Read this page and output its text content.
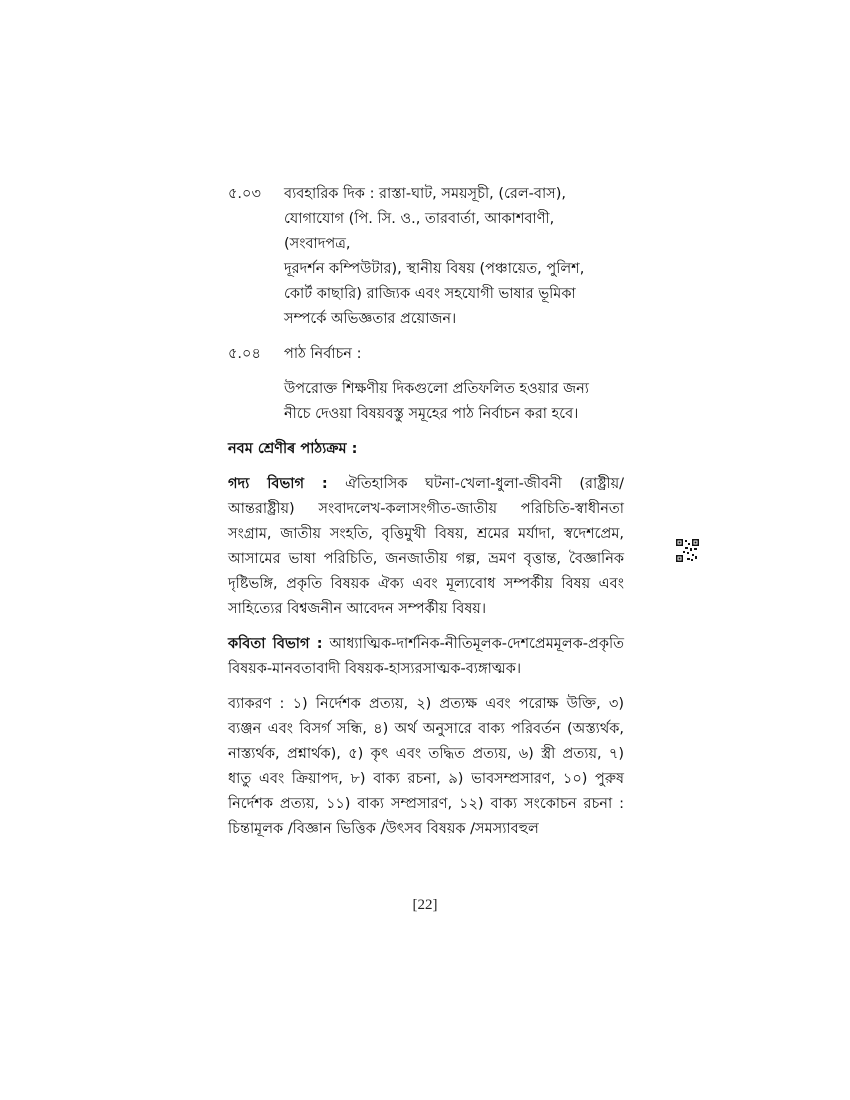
৫.০৩	ব্যবহারিক দিক : রাস্তা-ঘাট, সময়সূচী, (রেল-বাস),
যোগাযোগ (পি. সি. ও., তারবার্তা, আকাশবাণী, (সংবাদপত্র,
দূরদর্শন কম্পিউটার), স্থানীয় বিষয় (পঞ্চায়েত, পুলিশ,
কোর্ট কাছারি) রাজ্যিক এবং সহযোগী ভাষার ভূমিকা
সম্পর্কে অভিজ্ঞতার প্রয়োজন।
৫.০৪	পাঠ নির্বাচন :
উপরোক্ত শিক্ষণীয় দিকগুলো প্রতিফলিত হওয়ার জন্য
নীচে দেওয়া বিষয়বস্তু সমূহের পাঠ নির্বাচন করা হবে।
নবম শ্রেণীৰ পাঠ্যক্রম :

গদ্য বিভাগ : ঐতিহাসিক ঘটনা-খেলা-ধুলা-জীবনী (রাষ্ট্রীয়/আন্তরাষ্ট্রীয়) সংবাদলেখ-কলাসংগীত-জাতীয় পরিচিতি-স্বাধীনতা সংগ্রাম, জাতীয় সংহতি, বৃত্তিমুখী বিষয়, শ্রমের মর্যাদা, স্বদেশপ্রেম, আসামের ভাষা পরিচিতি, জনজাতীয় গল্প, ভ্রমণ বৃত্তান্ত, বৈজ্ঞানিক দৃষ্টিভঙ্গি, প্রকৃতি বিষয়ক ঐক্য এবং মূল্যবোধ সম্পর্কীয় বিষয় এবং সাহিত্যের বিশ্বজনীন আবেদন সম্পর্কীয় বিষয়।

কবিতা বিভাগ : আধ্যাত্মিক-দার্শনিক-নীতিমূলক-দেশপ্রেমমূলক-প্রকৃতি বিষয়ক-মানবতাবাদী বিষয়ক-হাস্যরসাত্মক-ব্যঙ্গাত্মক।

ব্যাকরণ : ১) নির্দেশক প্রত্যয়, ২) প্রত্যক্ষ এবং পরোক্ষ উক্তি, ৩) ব্যঞ্জন এবং বিসর্গ সন্ধি, ৪) অর্থ অনুসারে বাক্য পরিবর্তন (অস্ত্যর্থক, নাস্ত্যর্থক, প্রশ্নার্থক), ৫) কৃৎ এবং তদ্ধিত প্রত্যয়, ৬) স্ত্রী প্রত্যয়, ৭) ধাতু এবং ক্রিয়াপদ, ৮) বাক্য রচনা, ৯) ভাবসম্প্রসারণ, ১০) পুরুষ নির্দেশক প্রত্যয়, ১১) বাক্য সম্প্রসারণ, ১২) বাক্য সংকোচন রচনা : চিন্তামূলক /বিজ্ঞান ভিত্তিক /উৎসব বিষয়ক /সমস্যাবহুল

[22]
